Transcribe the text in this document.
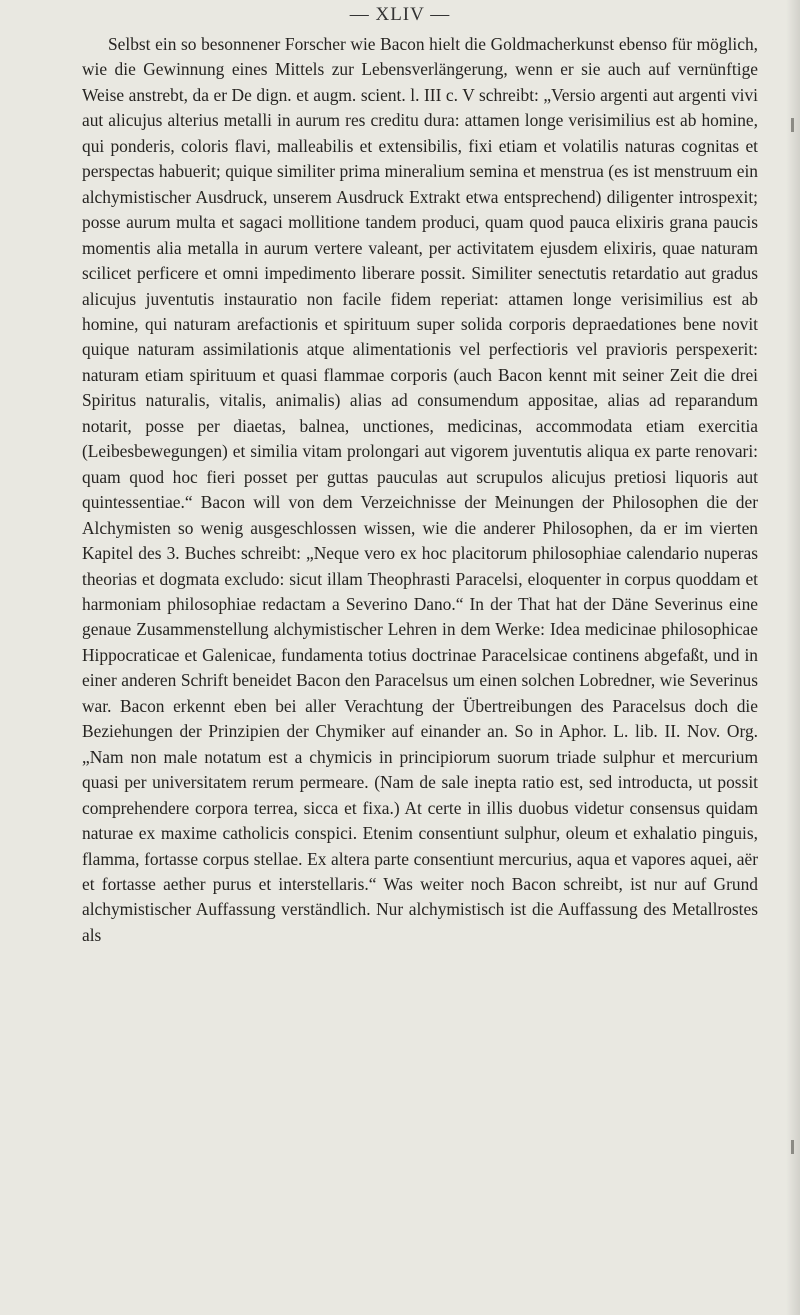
— XLIV —

Selbst ein so besonnener Forscher wie Bacon hielt die Goldmacherkunst ebenso für möglich, wie die Gewinnung eines Mittels zur Lebensverlängerung, wenn er sie auch auf vernünftige Weise anstrebt, da er De dign. et augm. scient. l. III c. V schreibt: „Versio argenti aut argenti vivi aut alicujus alterius metalli in aurum res creditu dura: attamen longe verisimilius est ab homine, qui ponderis, coloris flavi, malleabilis et extensibilis, fixi etiam et volatilis naturas cognitas et perspectas habuerit; quique similiter prima mineralium semina et menstrua (es ist menstruum ein alchymistischer Ausdruck, unserem Ausdruck Extrakt etwa entsprechend) diligenter introspexit; posse aurum multa et sagaci mollitione tandem produci, quam quod pauca elixiris grana paucis momentis alia metalla in aurum vertere valeant, per activitatem ejusdem elixiris, quae naturam scilicet perficere et omni impedimento liberare possit. Similiter senectutis retardatio aut gradus alicujus juventutis instauratio non facile fidem reperiat: attamen longe verisimilius est ab homine, qui naturam arefactionis et spirituum super solida corporis depraedationes bene novit quique naturam assimilationis atque alimentationis vel perfectioris vel pravioris perspexerit: naturam etiam spirituum et quasi flammae corporis (auch Bacon kennt mit seiner Zeit die drei Spiritus naturalis, vitalis, animalis) alias ad consumendum appositae, alias ad reparandum notarit, posse per diaetas, balnea, unctiones, medicinas, accommodata etiam exercitia (Leibesbewegungen) et similia vitam prolongari aut vigorem juventutis aliqua ex parte renovari: quam quod hoc fieri posset per guttas pauculas aut scrupulos alicujus pretiosi liquoris aut quintessentiae.“ Bacon will von dem Verzeichnisse der Meinungen der Philosophen die der Alchymisten so wenig ausgeschlossen wissen, wie die anderer Philosophen, da er im vierten Kapitel des 3. Buches schreibt: „Neque vero ex hoc placitorum philosophiae calendario nuperas theorias et dogmata excludo: sicut illam Theophrasti Paracelsi, eloquenter in corpus quoddam et harmoniam philosophiae redactam a Severino Dano.“ In der That hat der Däne Severinus eine genaue Zusammenstellung alchymistischer Lehren in dem Werke: Idea medicinae philosophicae Hippocraticae et Galenicae, fundamenta totius doctrinae Paracelsicae continens abgefaßt, und in einer anderen Schrift beneidet Bacon den Paracelsus um einen solchen Lobredner, wie Severinus war. Bacon erkennt eben bei aller Verachtung der Übertreibungen des Paracelsus doch die Beziehungen der Prinzipien der Chymiker auf einander an. So in Aphor. L. lib. II. Nov. Org. „Nam non male notatum est a chymicis in principiorum suorum triade sulphur et mercurium quasi per universitatem rerum permeare. (Nam de sale inepta ratio est, sed introducta, ut possit comprehendere corpora terrea, sicca et fixa.) At certe in illis duobus videtur consensus quidam naturae ex maxime catholicis conspici. Etenim consentiunt sulphur, oleum et exhalatio pinguis, flamma, fortasse corpus stellae. Ex altera parte consentiunt mercurius, aqua et vapores aquei, aër et fortasse aether purus et interstellaris.“ Was weiter noch Bacon schreibt, ist nur auf Grund alchymistischer Auffassung verständlich. Nur alchymistisch ist die Auffassung des Metallrostes als
